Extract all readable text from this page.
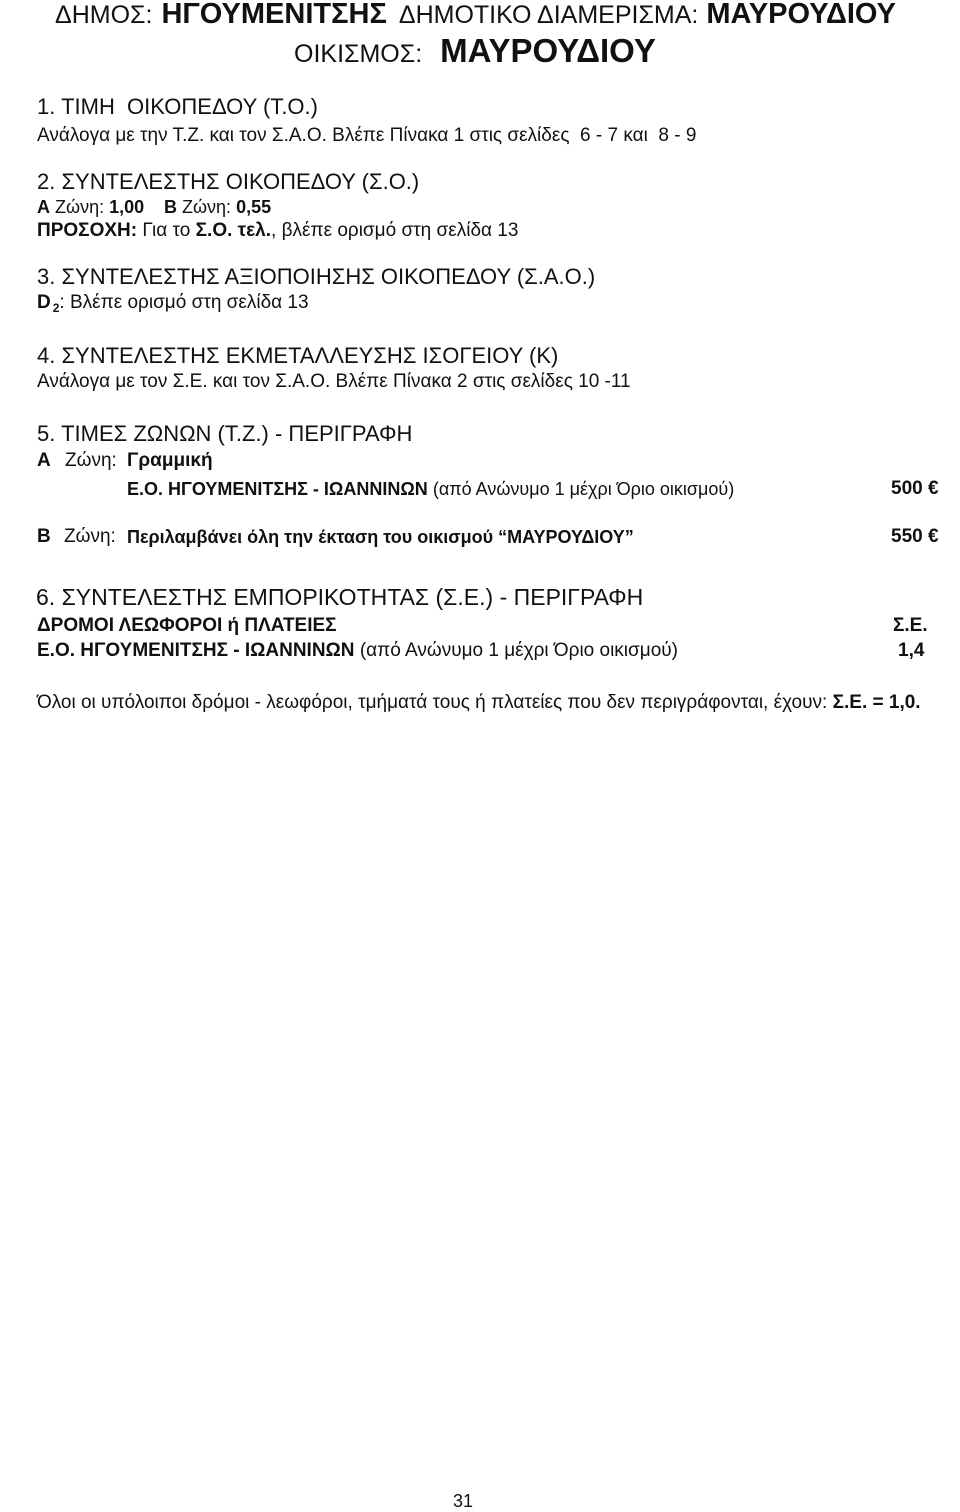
ΔΗΜΟΣ: ΗΓΟΥΜΕΝΙΤΣΗΣ ΔΗΜΟΤΙΚΟ ΔΙΑΜΕΡΙΣΜΑ: ΜΑΥΡΟΥΔΙΟΥ
ΟΙΚΙΣΜΟΣ: ΜΑΥΡΟΥΔΙΟΥ
1. ΤΙΜΗ  ΟΙΚΟΠΕΔΟΥ (Τ.Ο.)
Ανάλογα με την Τ.Ζ. και τον Σ.Α.Ο. Βλέπε Πίνακα 1 στις σελίδες  6 - 7 και  8 - 9
2. ΣΥΝΤΕΛΕΣΤΗΣ ΟΙΚΟΠΕΔΟΥ (Σ.Ο.)
Α Ζώνη: 1,00 Β Ζώνη: 0,55
ΠΡΟΣΟΧΗ: Για το Σ.Ο. τελ., βλέπε ορισμό στη σελίδα 13
3. ΣΥΝΤΕΛΕΣΤΗΣ ΑΞΙΟΠΟΙΗΣΗΣ ΟΙΚΟΠΕΔΟΥ (Σ.Α.Ο.)
D $_2$: Βλέπε ορισμό στη σελίδα 13
4. ΣΥΝΤΕΛΕΣΤΗΣ ΕΚΜΕΤΑΛΛΕΥΣΗΣ ΙΣΟΓΕΙΟΥ (Κ)
Ανάλογα με τον Σ.Ε. και τον Σ.Α.Ο. Βλέπε Πίνακα 2 στις σελίδες 10 -11
5. ΤΙΜΕΣ ΖΩΝΩΝ (Τ.Ζ.) - ΠΕΡΙΓΡΑΦΗ
Α Ζώνη: Γραμμική
Ε.Ο. ΗΓΟΥΜΕΝΙΤΣΗΣ - ΙΩΑΝΝΙΝΩΝ (από Ανώνυμο 1 μέχρι Όριο οικισμού)	500 €
Β Ζώνη: Περιλαμβάνει όλη την έκταση του οικισμού “ΜΑΥΡΟΥΔΙΟΥ”	550 €
6. ΣΥΝΤΕΛΕΣΤΗΣ ΕΜΠΟΡΙΚΟΤΗΤΑΣ (Σ.Ε.) - ΠΕΡΙΓΡΑΦΗ
ΔΡΟΜΟΙ ΛΕΩΦΟΡΟΙ ή ΠΛΑΤΕΙΕΣ	Σ.Ε.
Ε.Ο. ΗΓΟΥΜΕΝΙΤΣΗΣ - ΙΩΑΝΝΙΝΩΝ (από Ανώνυμο 1 μέχρι Όριο οικισμού)	1,4
Όλοι οι υπόλοιποι δρόμοι - λεωφόροι, τμήματά τους ή πλατείες που δεν περιγράφονται, έχουν: Σ.Ε. = 1,0.
31
